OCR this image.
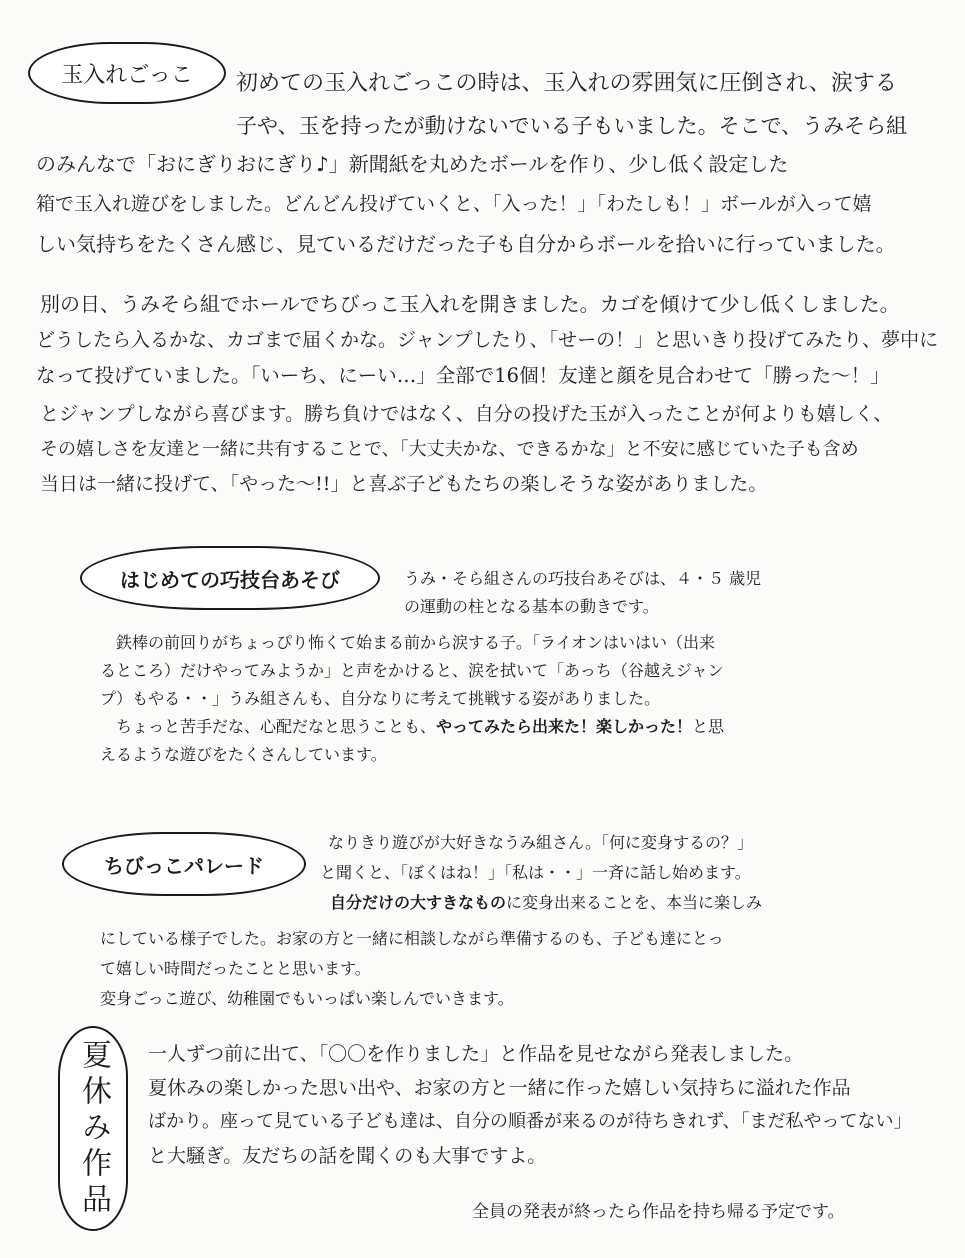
玉入れごっこ 初めての玉入れごっこの時は、玉入れの雰囲気に圧倒され、涙する
子や、玉を持ったが動けないでいる子もいました。そこで、うみそら組
のみんなで「おにぎりおにぎり♪」新聞紙を丸めたボールを作り、少し低く設定した
箱で玉入れ遊びをしました。どんどん投げていくと、「入った！」「わたしも！」ボールが入って嬉
しい気持ちをたくさん感じ、見ているだけだった子も自分からボールを拾いに行っていました。
別の日、うみそら組でホールでちびっこ玉入れを開きました。カゴを傾けて少し低くしました。
どうしたら入るかな、カゴまで届くかな。ジャンプしたり、「せーの！」と思いきり投げてみたり、夢中に
なって投げていました。「いーち、にーい…」全部で16個！友達と顔を見合わせて「勝った～！」
とジャンプしながら喜びます。勝ち負けではなく、自分の投げた玉が入ったことが何よりも嬉しく、
その嬉しさを友達と一緒に共有することで、「大丈夫かな、できるかな」と不安に感じていた子も含め
当日は一緒に投げて、「やった～!!」と喜ぶ子どもたちの楽しそうな姿がありました。
はじめての巧技台あそび	うみ・そら組さんの巧技台あそびは、４・５ 歳児
の運動の柱となる基本の動きです。
鉄棒の前回りがちょっぴり怖くて始まる前から涙する子。「ライオンはいはい（出来
るところ）だけやってみようか」と声をかけると、涙を拭いて「あっち（谷越えジャン
プ）もやる・・」うみ組さんも、自分なりに考えて挑戦する姿がありました。
ちょっと苦手だな、心配だなと思うことも、やってみたら出来た！楽しかった！と思
えるような遊びをたくさんしています。
ちびっこパレード
なりきり遊びが大好きなうみ組さん。「何に変身するの？」
と聞くと、「ぼくはね！」「私は・・」一斉に話し始めます。
自分だけの大すきなものに変身出来ることを、本当に楽しみ
にしている様子でした。お家の方と一緒に相談しながら準備するのも、子ども達にとっ
て嬉しい時間だったことと思います。
変身ごっこ遊び、幼稚園でもいっぱい楽しんでいきます。
夏休み作品 一人ずつ前に出て、「〇〇を作りました」と作品を見せながら発表しました。
夏休みの楽しかった思い出や、お家の方と一緒に作った嬉しい気持ちに溢れた作品
ばかり。座って見ている子ども達は、自分の順番が来るのが待ちきれず、「まだ私やってない」
と大騒ぎ。友だちの話を聞くのも大事ですよ。
全員の発表が終ったら作品を持ち帰る予定です。
